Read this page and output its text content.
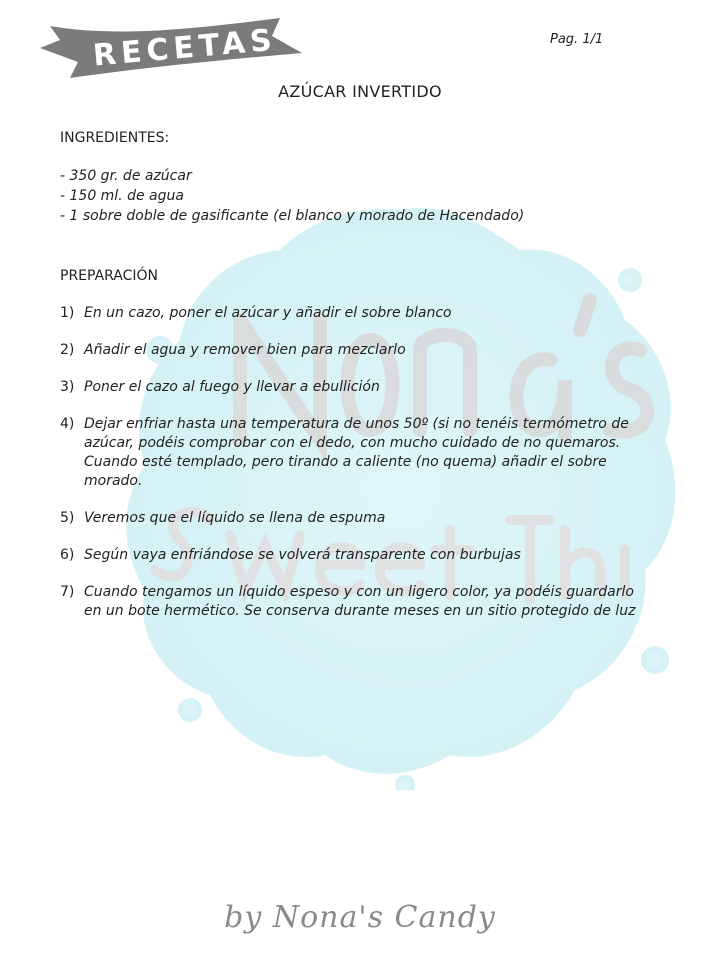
RECETAS	Pag. 1/1
AZÚCAR INVERTIDO

INGREDIENTES:

- 350 gr. de azúcar
- 150 ml. de agua
- 1 sobre doble de gasificante (el blanco y morado de Hacendado)

PREPARACIÓN

1) En un cazo, poner el azúcar y añadir el sobre blanco
2) Añadir el agua y remover bien para mezclarlo
3) Poner el cazo al fuego y llevar a ebullición
4) Dejar enfriar hasta una temperatura de unos 50º (si no tenéis termómetro de azúcar, podéis comprobar con el dedo, con mucho cuidado de no quemaros. Cuando esté templado, pero tirando a caliente (no quema) añadir el sobre morado.
5) Veremos que el líquido se llena de espuma
6) Según vaya enfriándose se volverá transparente con burbujas
7) Cuando tengamos un líquido espeso y con un ligero color, ya podéis guardarlo en un bote hermético. Se conserva durante meses en un sitio protegido de luz
by Nona's Candy
